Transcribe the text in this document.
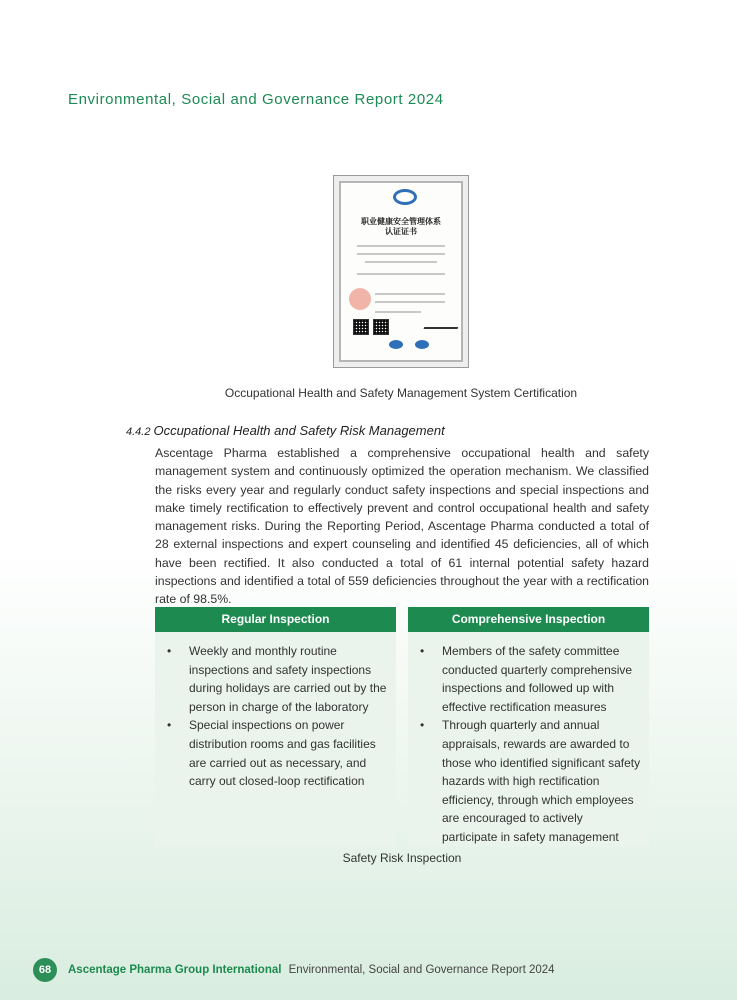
Environmental, Social and Governance Report 2024
职业健康安全管理体系
认证证书
Occupational Health and Safety Management System Certification
4.4.2 Occupational Health and Safety Risk Management
Ascentage Pharma established a comprehensive occupational health and safety management system and continuously optimized the operation mechanism. We classified the risks every year and regularly conduct safety inspections and special inspections and make timely rectification to effectively prevent and control occupational health and safety management risks. During the Reporting Period, Ascentage Pharma conducted a total of 28 external inspections and expert counseling and identified 45 deficiencies, all of which have been rectified. It also conducted a total of 61 internal potential safety hazard inspections and identified a total of 559 deficiencies throughout the year with a rectification rate of 98.5%.
Regular Inspection
• Weekly and monthly routine inspections and safety inspections during holidays are carried out by the person in charge of the laboratory
• Special inspections on power distribution rooms and gas facilities are carried out as necessary, and carry out closed-loop rectification
Comprehensive Inspection
• Members of the safety committee conducted quarterly comprehensive inspections and followed up with effective rectification measures
• Through quarterly and annual appraisals, rewards are awarded to those who identified significant safety hazards with high rectification efficiency, through which employees are encouraged to actively participate in safety management
Safety Risk Inspection
68	Ascentage Pharma Group International Environmental, Social and Governance Report 2024
